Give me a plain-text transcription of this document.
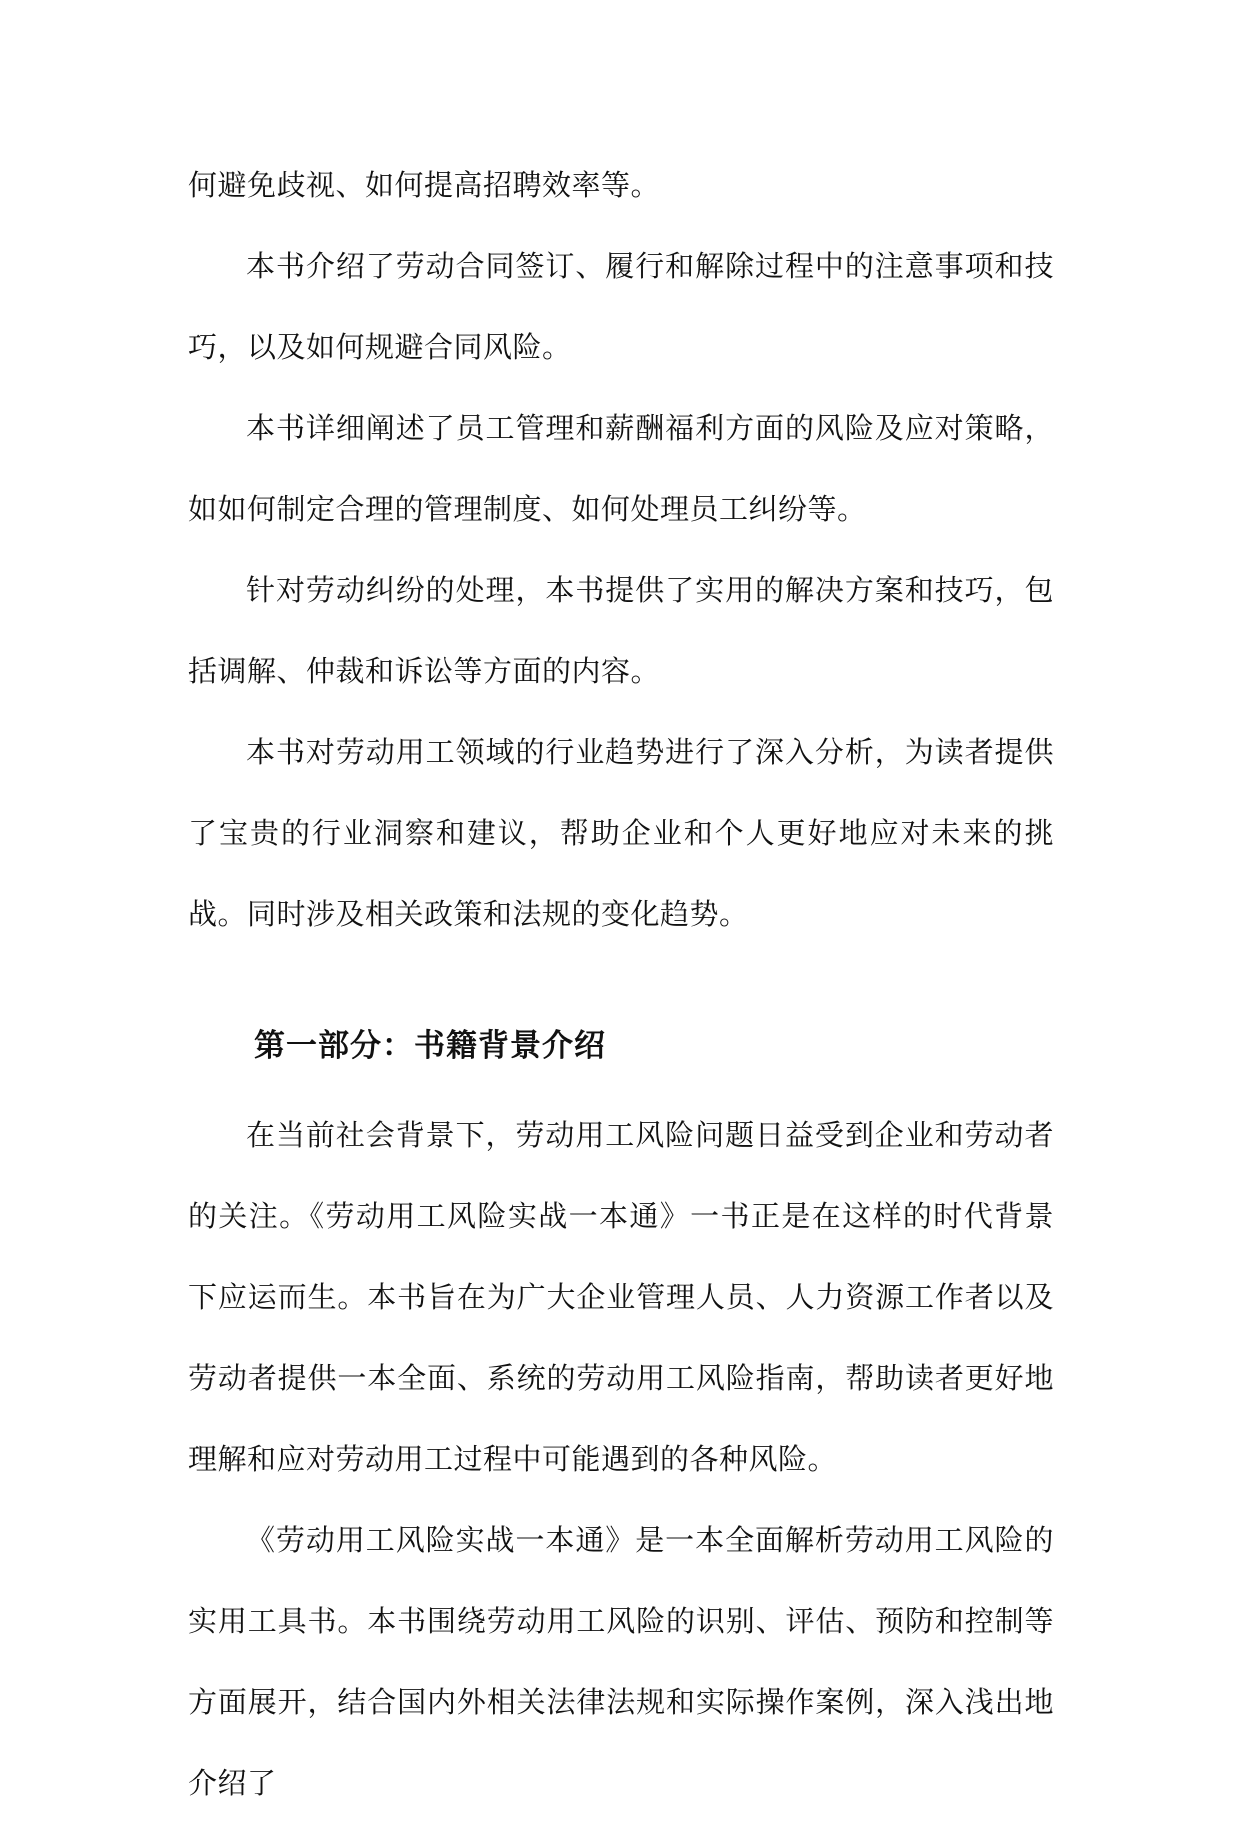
何避免歧视、如何提高招聘效率等。

本书介绍了劳动合同签订、履行和解除过程中的注意事项和技巧，以及如何规避合同风险。

本书详细阐述了员工管理和薪酬福利方面的风险及应对策略，如如何制定合理的管理制度、如何处理员工纠纷等。

针对劳动纠纷的处理，本书提供了实用的解决方案和技巧，包括调解、仲裁和诉讼等方面的内容。

本书对劳动用工领域的行业趋势进行了深入分析，为读者提供了宝贵的行业洞察和建议，帮助企业和个人更好地应对未来的挑战。同时涉及相关政策和法规的变化趋势。

第一部分：书籍背景介绍

在当前社会背景下，劳动用工风险问题日益受到企业和劳动者的关注。《劳动用工风险实战一本通》一书正是在这样的时代背景下应运而生。本书旨在为广大企业管理人员、人力资源工作者以及劳动者提供一本全面、系统的劳动用工风险指南，帮助读者更好地理解和应对劳动用工过程中可能遇到的各种风险。

《劳动用工风险实战一本通》是一本全面解析劳动用工风险的实用工具书。本书围绕劳动用工风险的识别、评估、预防和控制等方面展开，结合国内外相关法律法规和实际操作案例，深入浅出地介绍了
